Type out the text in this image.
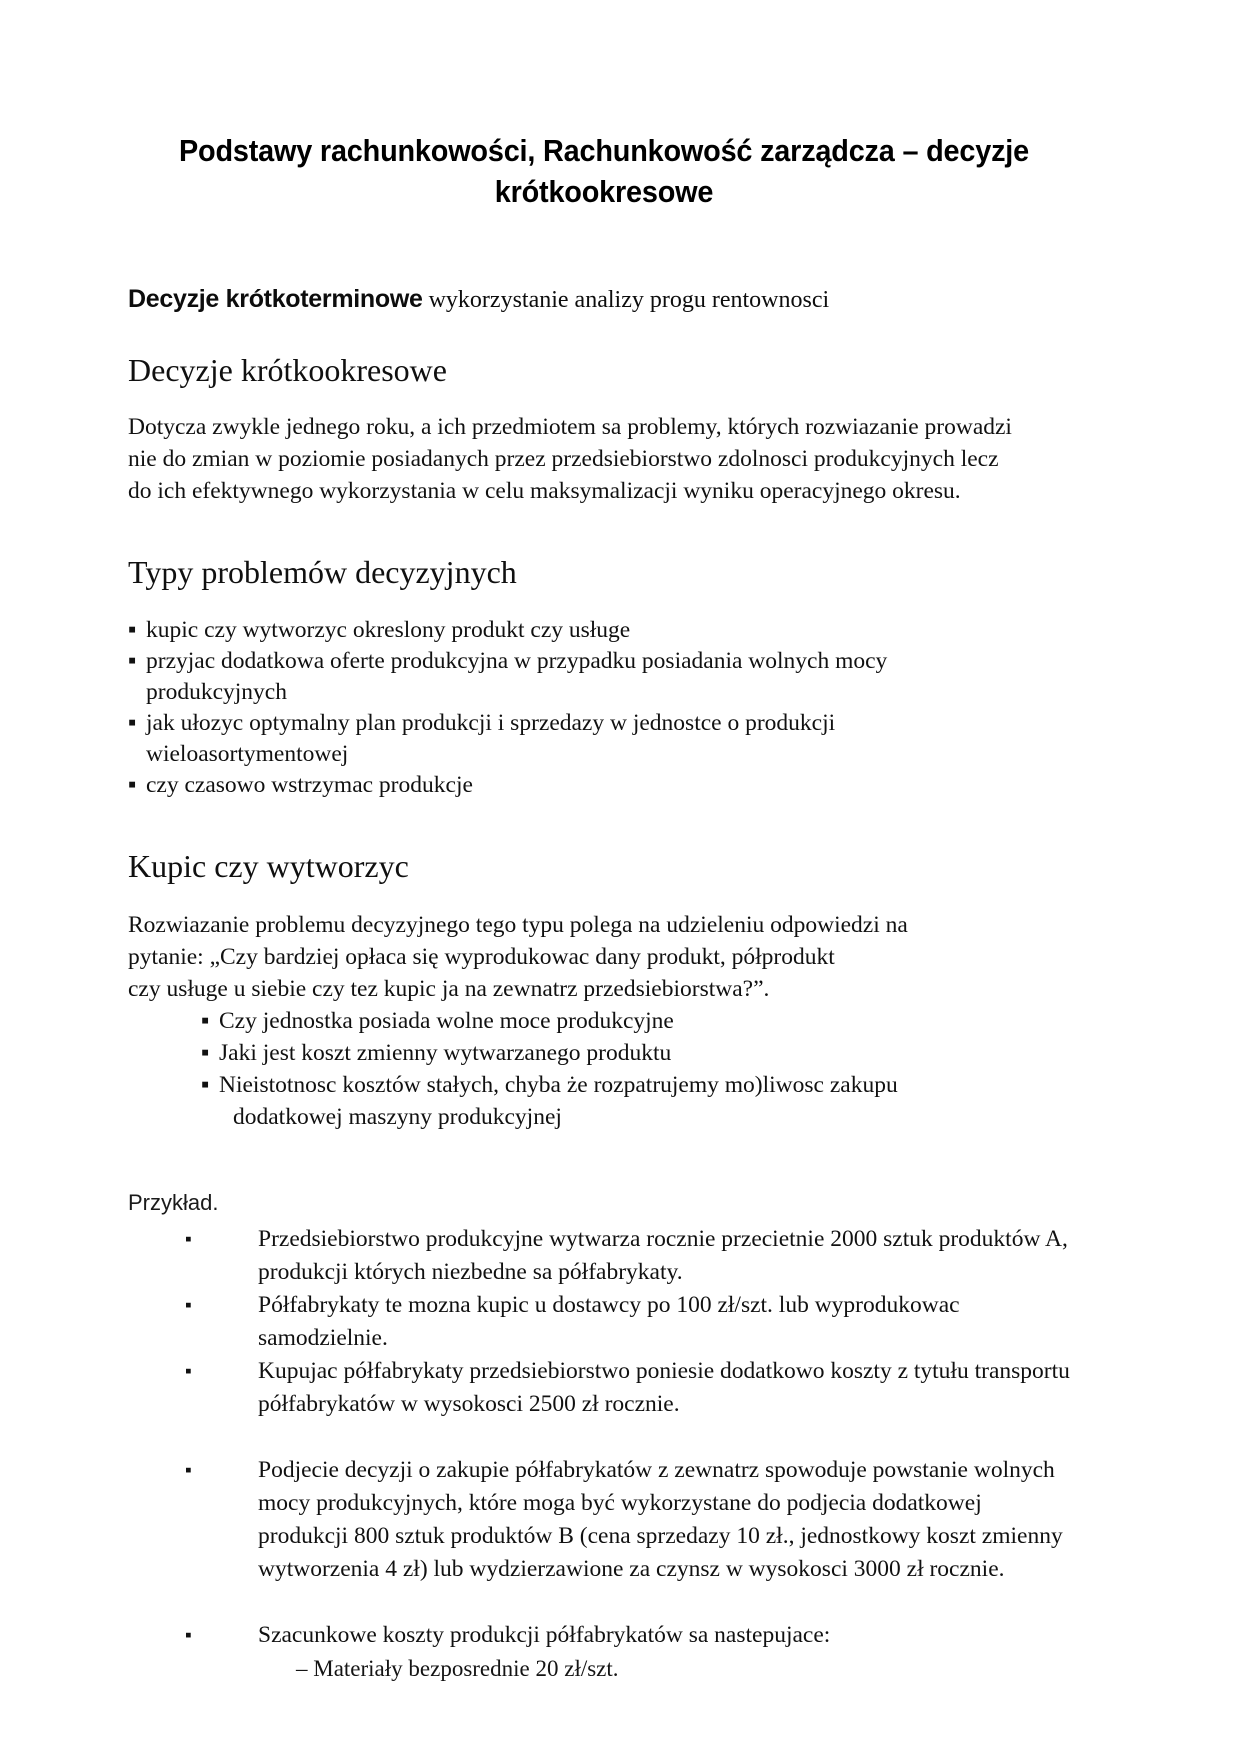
Podstawy rachunkowości, Rachunkowość zarządcza – decyzje
krótkookresowe

Decyzje krótkoterminowe wykorzystanie analizy progu rentownosci

Decyzje krótkookresowe

Dotycza zwykle jednego roku, a ich przedmiotem sa problemy, których rozwiazanie prowadzi
nie do zmian w poziomie posiadanych przez przedsiebiorstwo zdolnosci produkcyjnych lecz
do ich efektywnego wykorzystania w celu maksymalizacji wyniku operacyjnego okresu.

Typy problemów decyzyjnych
▪ kupic czy wytworzyc okreslony produkt czy usługe
▪ przyjac dodatkowa oferte produkcyjna w przypadku posiadania wolnych mocy
produkcyjnych
▪ jak ułozyc optymalny plan produkcji i sprzedazy w jednostce o produkcji
wieloasortymentowej
▪ czy czasowo wstrzymac produkcje
Kupic czy wytworzyc

Rozwiazanie problemu decyzyjnego tego typu polega na udzieleniu odpowiedzi na
pytanie: „Czy bardziej opłaca się wyprodukowac dany produkt, półprodukt
czy usługe u siebie czy tez kupic ja na zewnatrz przedsiebiorstwa?”.

▪ Czy jednostka posiada wolne moce produkcyjne
▪ Jaki jest koszt zmienny wytwarzanego produktu
▪ Nieistotnosc kosztów stałych, chyba że rozpatrujemy mo)liwosc zakupu
dodatkowej maszyny produkcyjnej

Przykład.

▪	Przedsiebiorstwo produkcyjne wytwarza rocznie przecietnie 2000 sztuk produktów A,
produkcji których niezbedne sa półfabrykaty.
▪	Półfabrykaty te mozna kupic u dostawcy po 100 zł/szt. lub wyprodukowac
samodzielnie.
▪	Kupujac półfabrykaty przedsiebiorstwo poniesie dodatkowo koszty z tytułu transportu
półfabrykatów w wysokosci 2500 zł rocznie.
▪	Podjecie decyzji o zakupie półfabrykatów z zewnatrz spowoduje powstanie wolnych
mocy produkcyjnych, które moga być wykorzystane do podjecia dodatkowej
produkcji 800 sztuk produktów B (cena sprzedazy 10 zł., jednostkowy koszt zmienny
wytworzenia 4 zł) lub wydzierzawione za czynsz w wysokosci 3000 zł rocznie.
▪	Szacunkowe koszty produkcji półfabrykatów sa nastepujace:

– Materiały bezposrednie 20 zł/szt.
